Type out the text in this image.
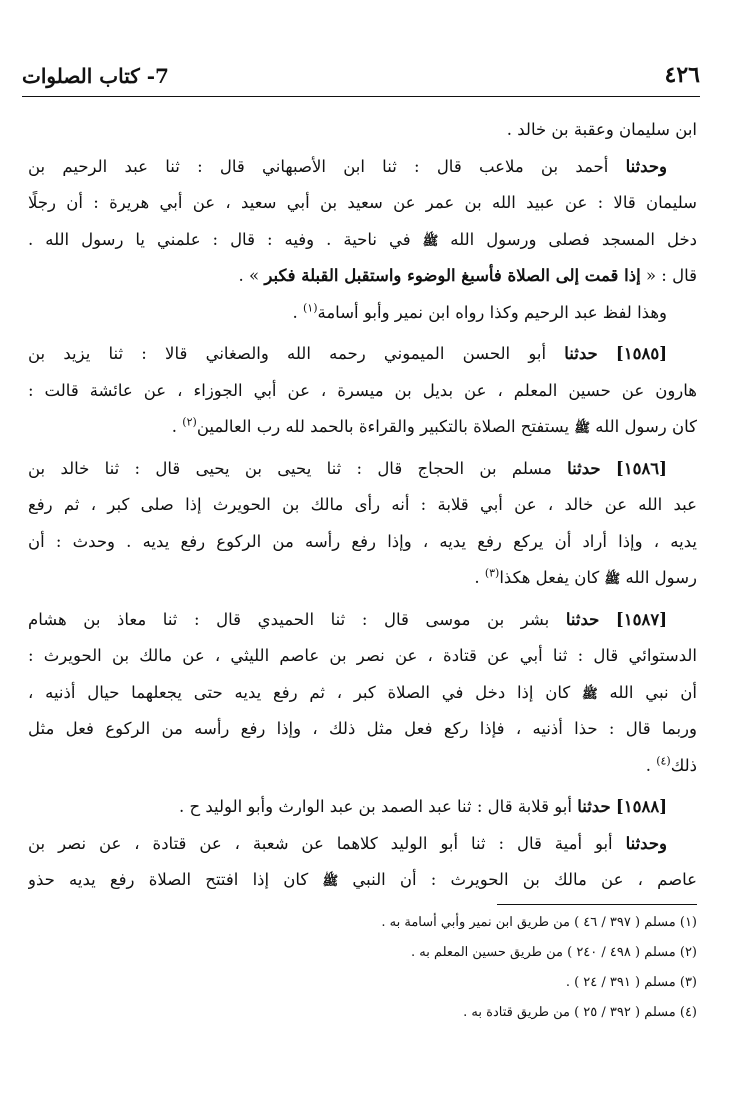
7- كتاب الصلوات	٤٢٦
ابن سليمان وعقبة بن خالد .
وحدثنا أحمد بن ملاعب قال : ثنا ابن الأصبهاني قال : ثنا عبد الرحيم بن
سليمان قالا : عن عبيد الله بن عمر عن سعيد بن أبي سعيد ، عن أبي هريرة : أن رجلًا
دخل المسجد فصلى ورسول الله ﷺ في ناحية . وفيه : قال : علمني يا رسول الله .
قال : « إذا قمت إلى الصلاة فأسبغ الوضوء واستقبل القبلة فكبر » .
وهذا لفظ عبد الرحيم وكذا رواه ابن نمير وأبو أسامة$^{(١)}$ .
[١٥٨٥] حدثنا أبو الحسن الميموني رحمه الله والصغاني قالا : ثنا يزيد بن
هارون عن حسين المعلم ، عن بديل بن ميسرة ، عن أبي الجوزاء ، عن عائشة قالت :
كان رسول الله ﷺ يستفتح الصلاة بالتكبير والقراءة بالحمد لله رب العالمين$^{(٢)}$ .
[١٥٨٦] حدثنا مسلم بن الحجاج قال : ثنا يحيى بن يحيى قال : ثنا خالد بن
عبد الله عن خالد ، عن أبي قلابة : أنه رأى مالك بن الحويرث إذا صلى كبر ، ثم رفع
يديه ، وإذا أراد أن يركع رفع يديه ، وإذا رفع رأسه من الركوع رفع يديه . وحدث : أن
رسول الله ﷺ كان يفعل هكذا$^{(٣)}$ .
[١٥٨٧] حدثنا بشر بن موسى قال : ثنا الحميدي قال : ثنا معاذ بن هشام
الدستوائي قال : ثنا أبي عن قتادة ، عن نصر بن عاصم الليثي ، عن مالك بن الحويرث :
أن نبي الله ﷺ كان إذا دخل في الصلاة كبر ، ثم رفع يديه حتى يجعلهما حيال أذنيه ،
وربما قال : حذا أذنيه ، فإذا ركع فعل مثل ذلك ، وإذا رفع رأسه من الركوع فعل مثل
ذلك$^{(٤)}$ .
[١٥٨٨] حدثنا أبو قلابة قال : ثنا عبد الصمد بن عبد الوارث وأبو الوليد ح .
وحدثنا أبو أمية قال : ثنا أبو الوليد كلاهما عن شعبة ، عن قتادة ، عن نصر بن
عاصم ، عن مالك بن الحويرث : أن النبي ﷺ كان إذا افتتح الصلاة رفع يديه حذو
(١) مسلم ( ٣٩٧ / ٤٦ ) من طريق ابن نمير وأبي أسامة به .
(٢) مسلم ( ٤٩٨ / ٢٤٠ ) من طريق حسين المعلم به .
(٣) مسلم ( ٣٩١ / ٢٤ ) .
(٤) مسلم ( ٣٩٢ / ٢٥ ) من طريق قتادة به .
